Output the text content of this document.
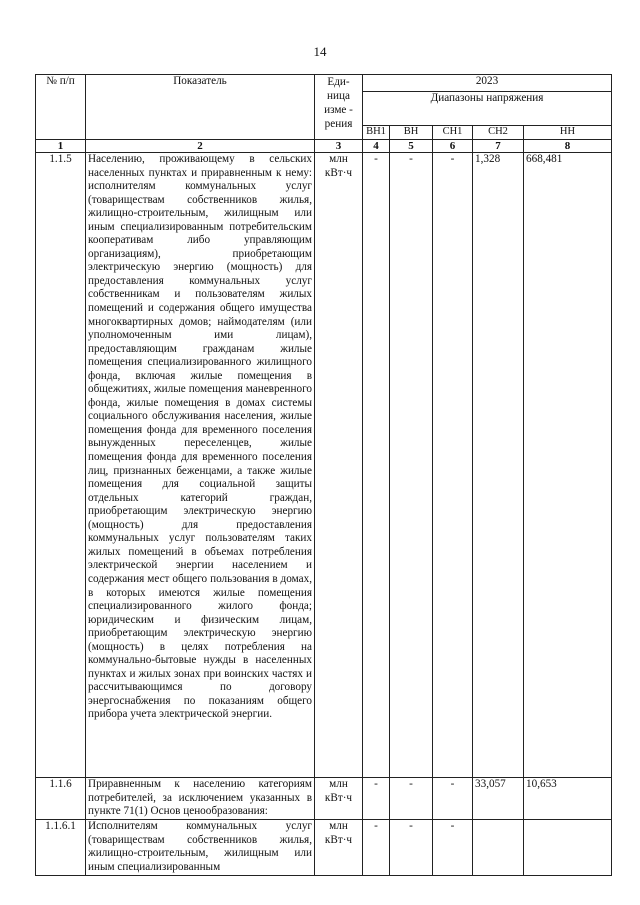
14
№ п/п	Показатель	Еди-ница изме - рения	2023				
			Диапазоны напряжения				
			ВН1	ВН	СН1	СН2	НН
1	2	3	4	5	6	7	8
1.1.5	Населению, проживающему в сельских населенных пунктах и приравненным к нему: исполнителям коммунальных услуг (товариществам собственников жилья, жилищно-строительным, жилищным или иным специализированным потребительским кооперативам либо управляющим организациям), приобретающим электрическую энергию (мощность) для предоставления коммунальных услуг собственникам и пользователям жилых помещений и содержания общего имущества многоквартирных домов; наймодателям (или уполномоченным ими лицам), предоставляющим гражданам жилые помещения специализированного жилищного фонда, включая жилые помещения в общежитиях, жилые помещения маневренного фонда, жилые помещения в домах системы социального обслуживания населения, жилые помещения фонда для временного поселения вынужденных переселенцев, жилые помещения фонда для временного поселения лиц, признанных беженцами, а также жилые помещения для социальной защиты отдельных категорий граждан, приобретающим электрическую энергию (мощность) для предоставления коммунальных услуг пользователям таких жилых помещений в объемах потребления электрической энергии населением и содержания мест общего пользования в домах, в которых имеются жилые помещения специализированного жилого фонда; юридическим и физическим лицам, приобретающим электрическую энергию (мощность) в целях потребления на коммунально-бытовые нужды в населенных пунктах и жилых зонах при воинских частях и рассчитывающимся по договору энергоснабжения по показаниям общего прибора учета электрической энергии.	млн кВт·ч	-	-	-	1,328	668,481
1.1.6	Приравненным к населению категориям потребителей, за исключением указанных в пункте 71(1) Основ ценообразования:	млн кВт·ч	-	-	-	33,057	10,653
1.1.6.1	Исполнителям коммунальных услуг (товариществам собственников жилья, жилищно-строительным, жилищным или иным специализированным	млн кВт·ч	-	-	-		
